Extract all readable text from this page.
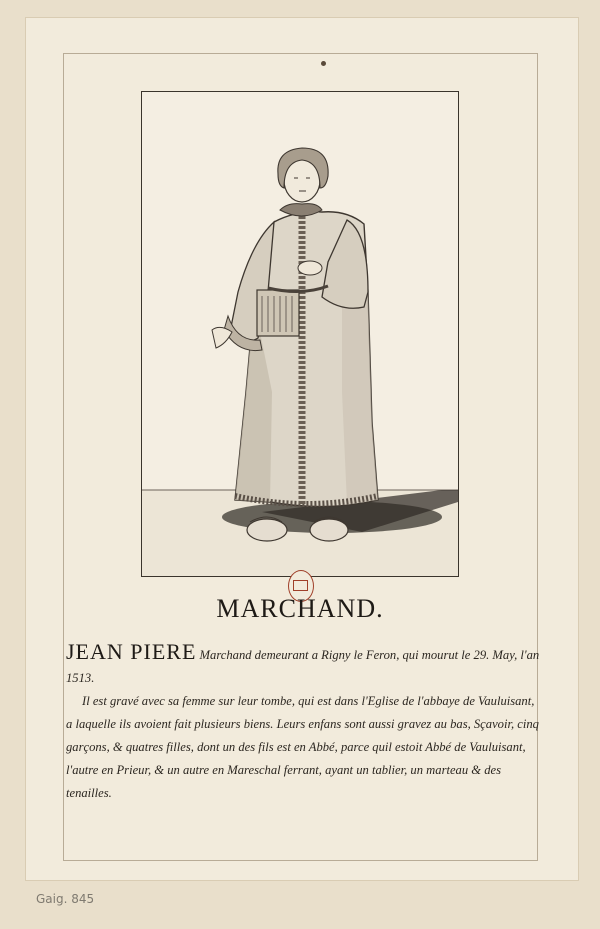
MARCHAND.

JEAN PIERE Marchand demeurant a Rigny le Feron, qui mourut le 29. May, l'an 1513.

Il est gravé avec sa femme sur leur tombe, qui est dans l'Eglise de l'abbaye de Vauluisant, a laquelle ils avoient fait plusieurs biens. Leurs enfans sont aussi gravez au bas, Sçavoir, cinq garçons, & quatres filles, dont un des fils est en Abbé, parce quil estoit Abbé de Vauluisant, l'autre en Prieur, & un autre en Mareschal ferrant, ayant un tablier, un marteau & des tenailles.

Gaig. 845
